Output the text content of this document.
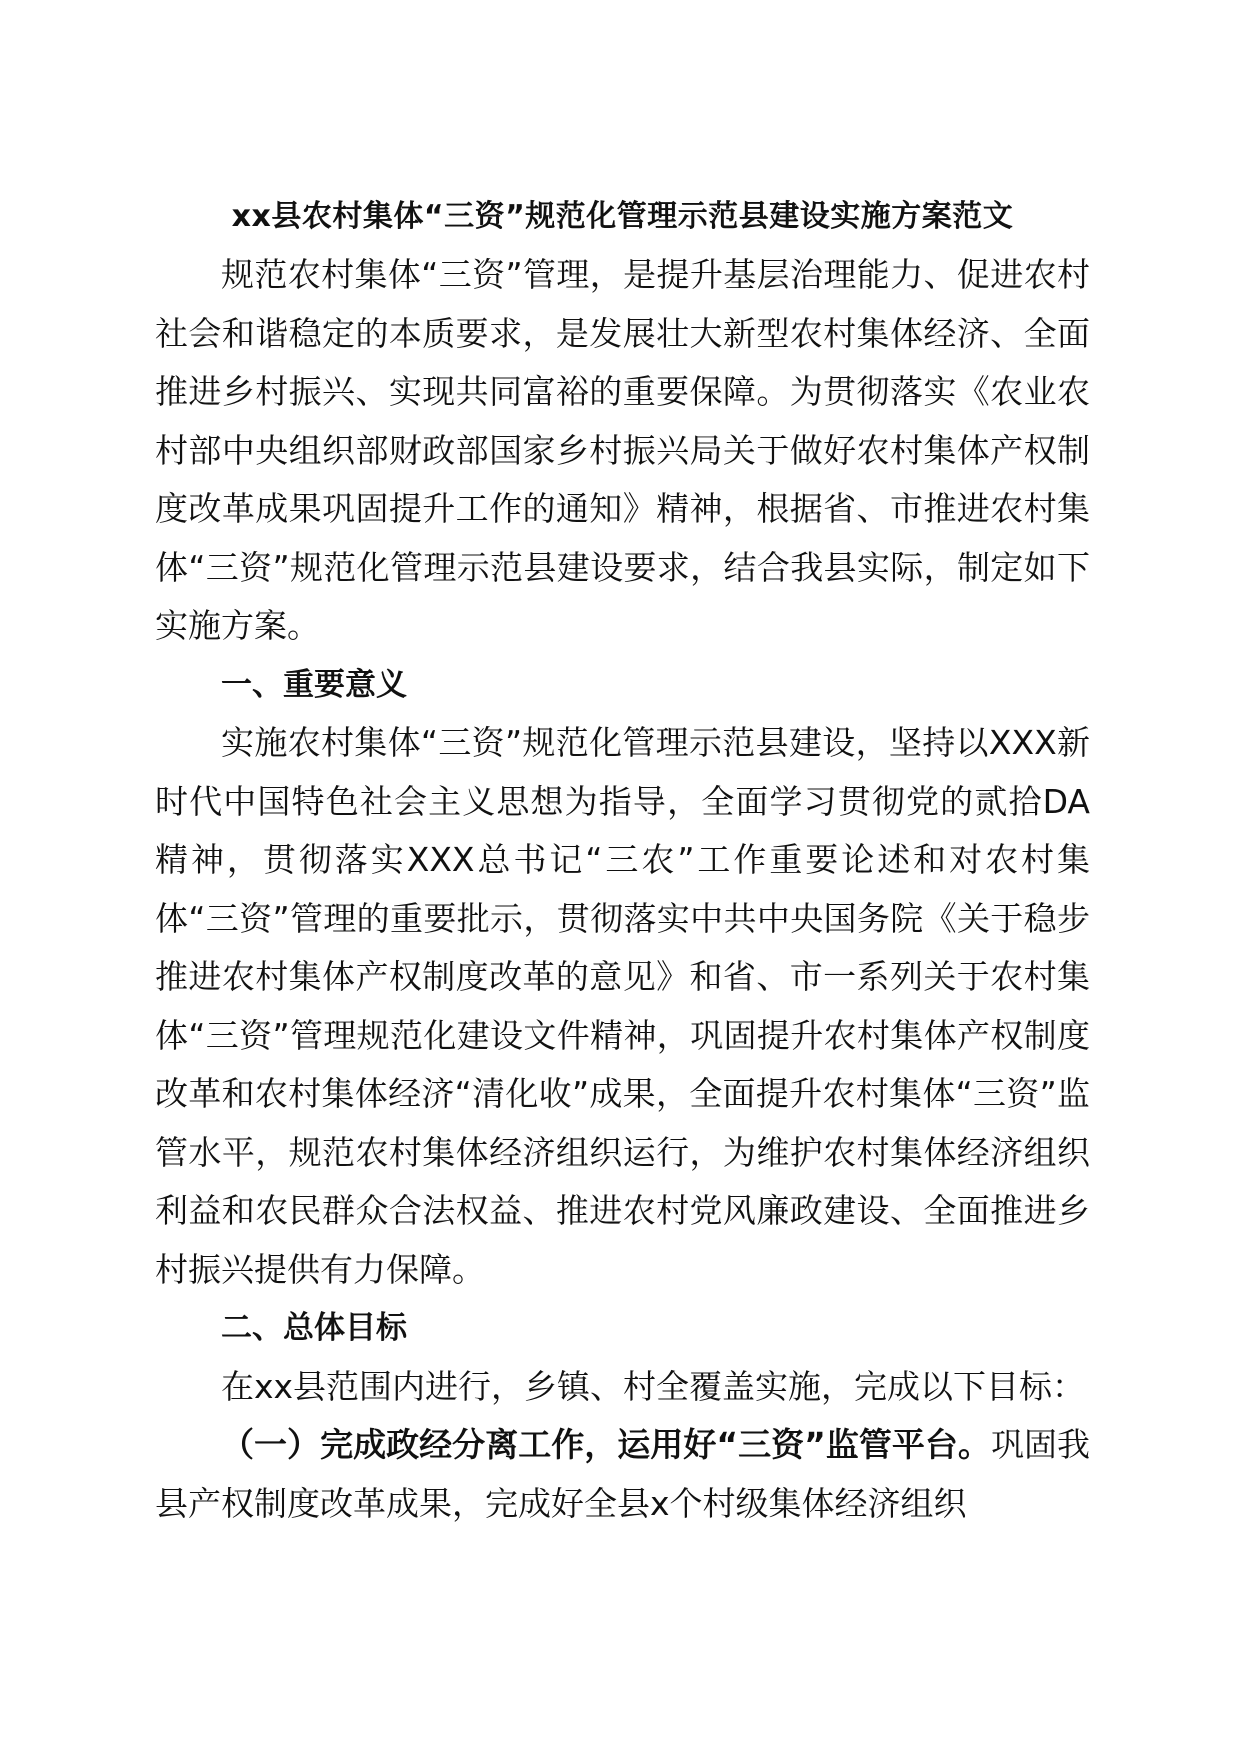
xx县农村集体“三资”规范化管理示范县建设实施方案范文

规范农村集体“三资”管理，是提升基层治理能力、促进农村社会和谐稳定的本质要求，是发展壮大新型农村集体经济、全面推进乡村振兴、实现共同富裕的重要保障。为贯彻落实《农业农村部中央组织部财政部国家乡村振兴局关于做好农村集体产权制度改革成果巩固提升工作的通知》精神，根据省、市推进农村集体“三资”规范化管理示范县建设要求，结合我县实际，制定如下实施方案。

一、重要意义

实施农村集体“三资”规范化管理示范县建设，坚持以XXX新时代中国特色社会主义思想为指导，全面学习贯彻党的贰拾DA精神，贯彻落实XXX总书记“三农”工作重要论述和对农村集体“三资”管理的重要批示，贯彻落实中共中央国务院《关于稳步推进农村集体产权制度改革的意见》和省、市一系列关于农村集体“三资”管理规范化建设文件精神，巩固提升农村集体产权制度改革和农村集体经济“清化收”成果，全面提升农村集体“三资”监管水平，规范农村集体经济组织运行，为维护农村集体经济组织利益和农民群众合法权益、推进农村党风廉政建设、全面推进乡村振兴提供有力保障。

二、总体目标

在xx县范围内进行，乡镇、村全覆盖实施，完成以下目标：

（一）完成政经分离工作，运用好“三资”监管平台。巩固我县产权制度改革成果，完成好全县x个村级集体经济组织
